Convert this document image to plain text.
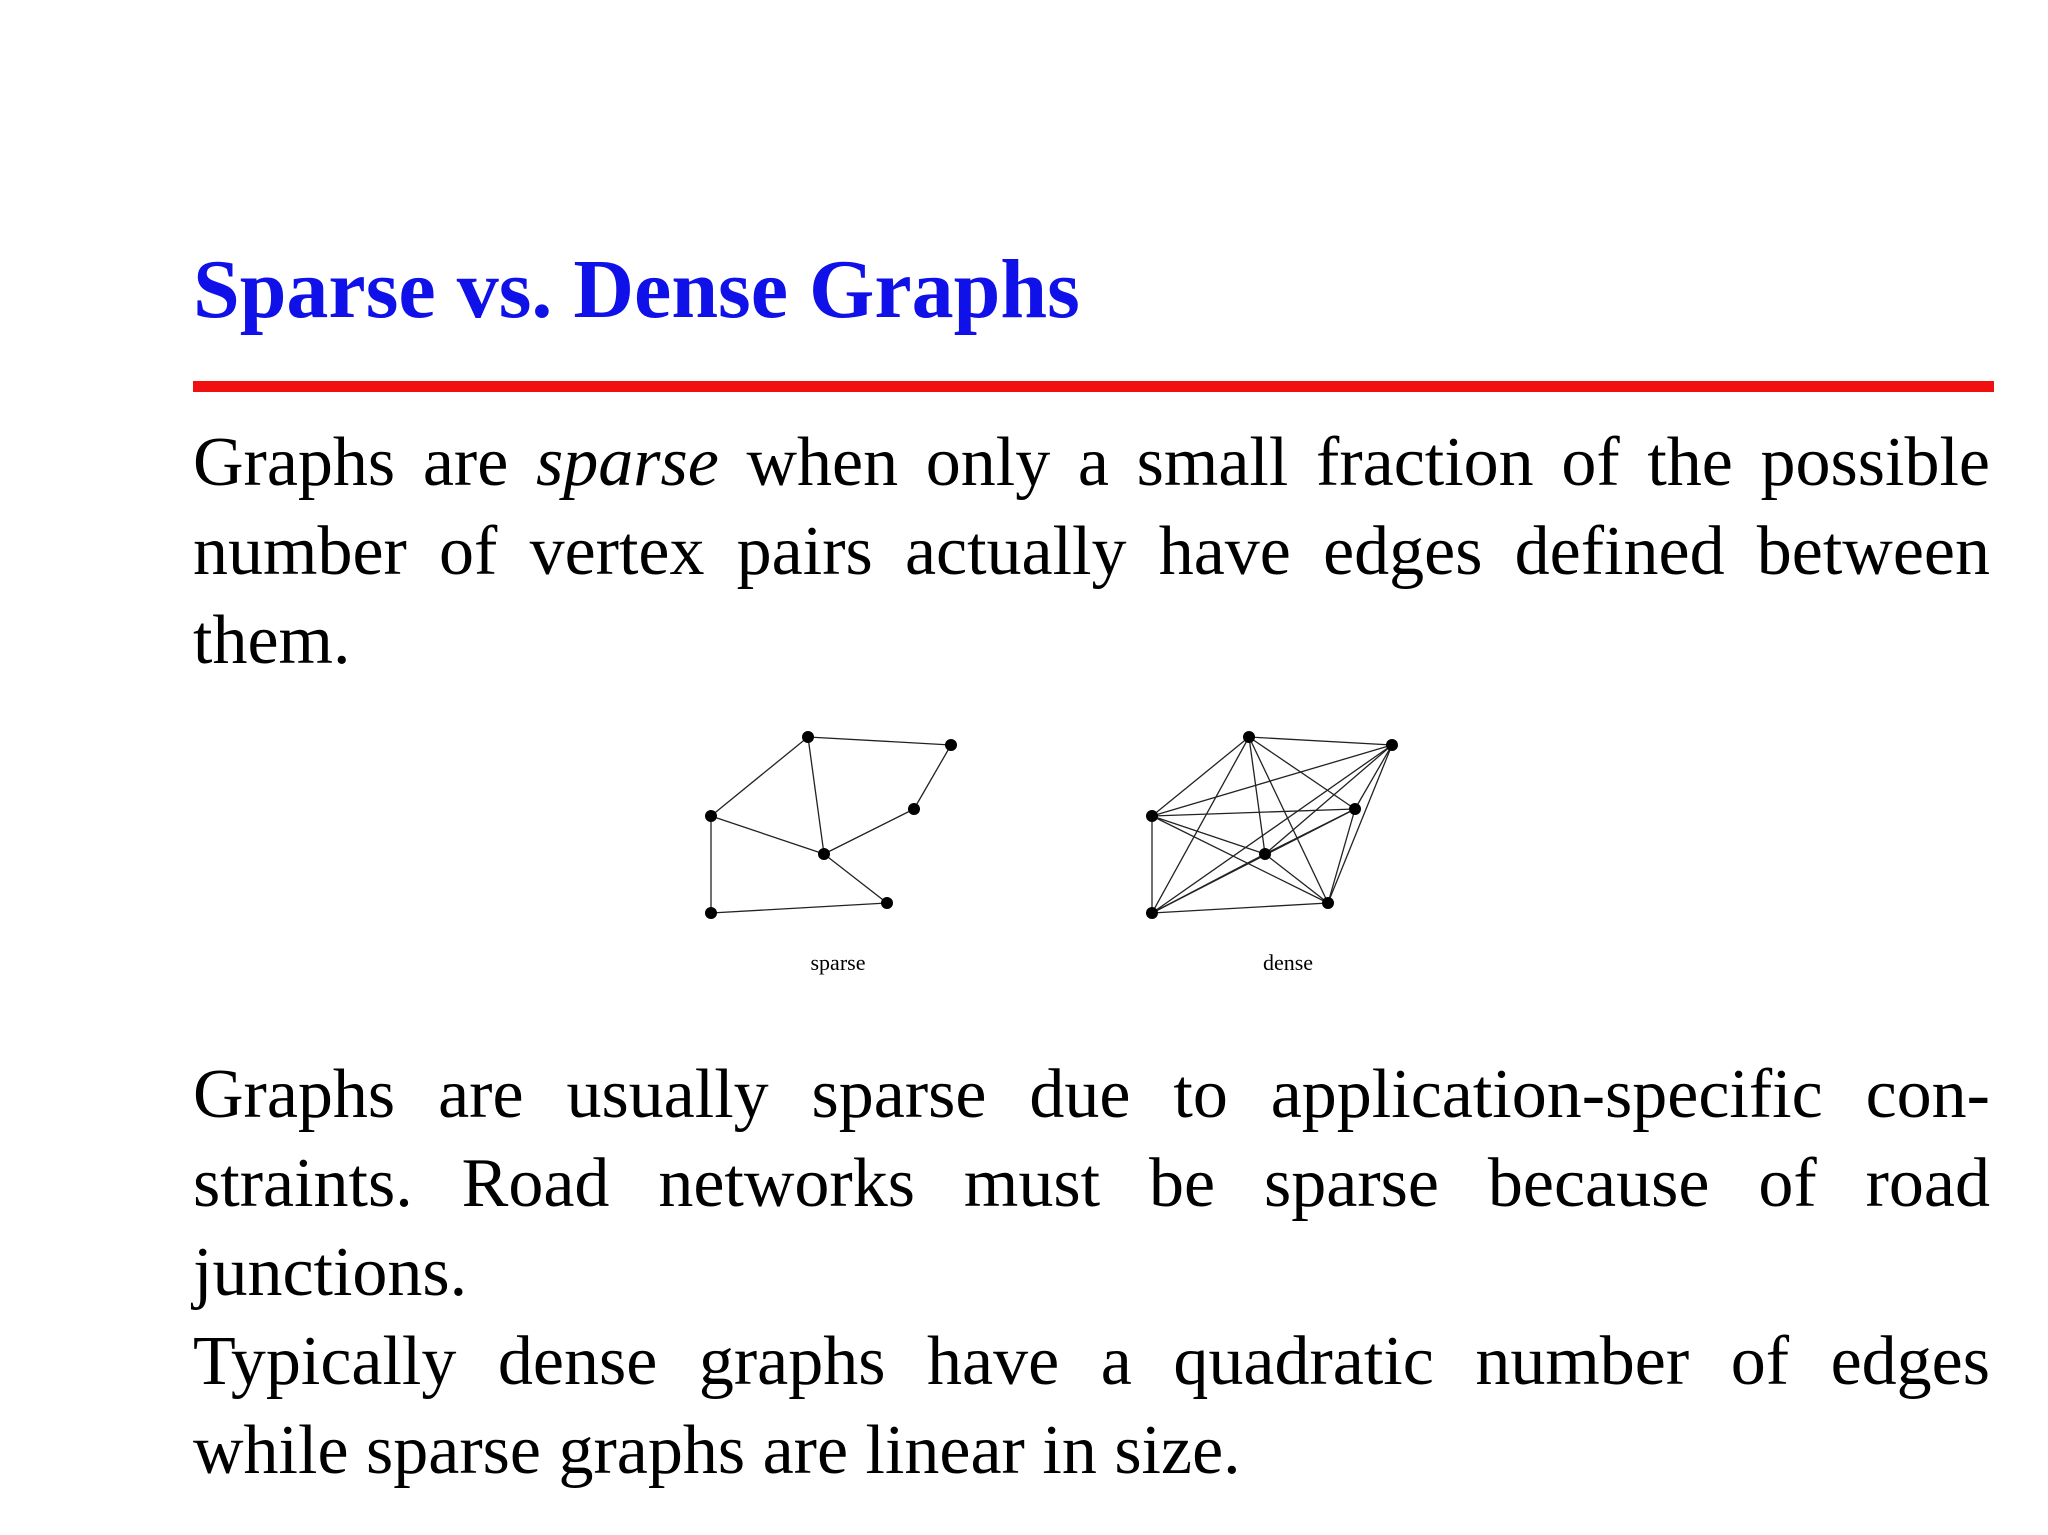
Sparse vs. Dense Graphs

Graphs are sparse when only a small fraction of the possible
number of vertex pairs actually have edges defined between
them.

sparse	dense

Graphs are usually sparse due to application-specific con-
straints. Road networks must be sparse because of road
junctions.

Typically dense graphs have a quadratic number of edges
while sparse graphs are linear in size.
